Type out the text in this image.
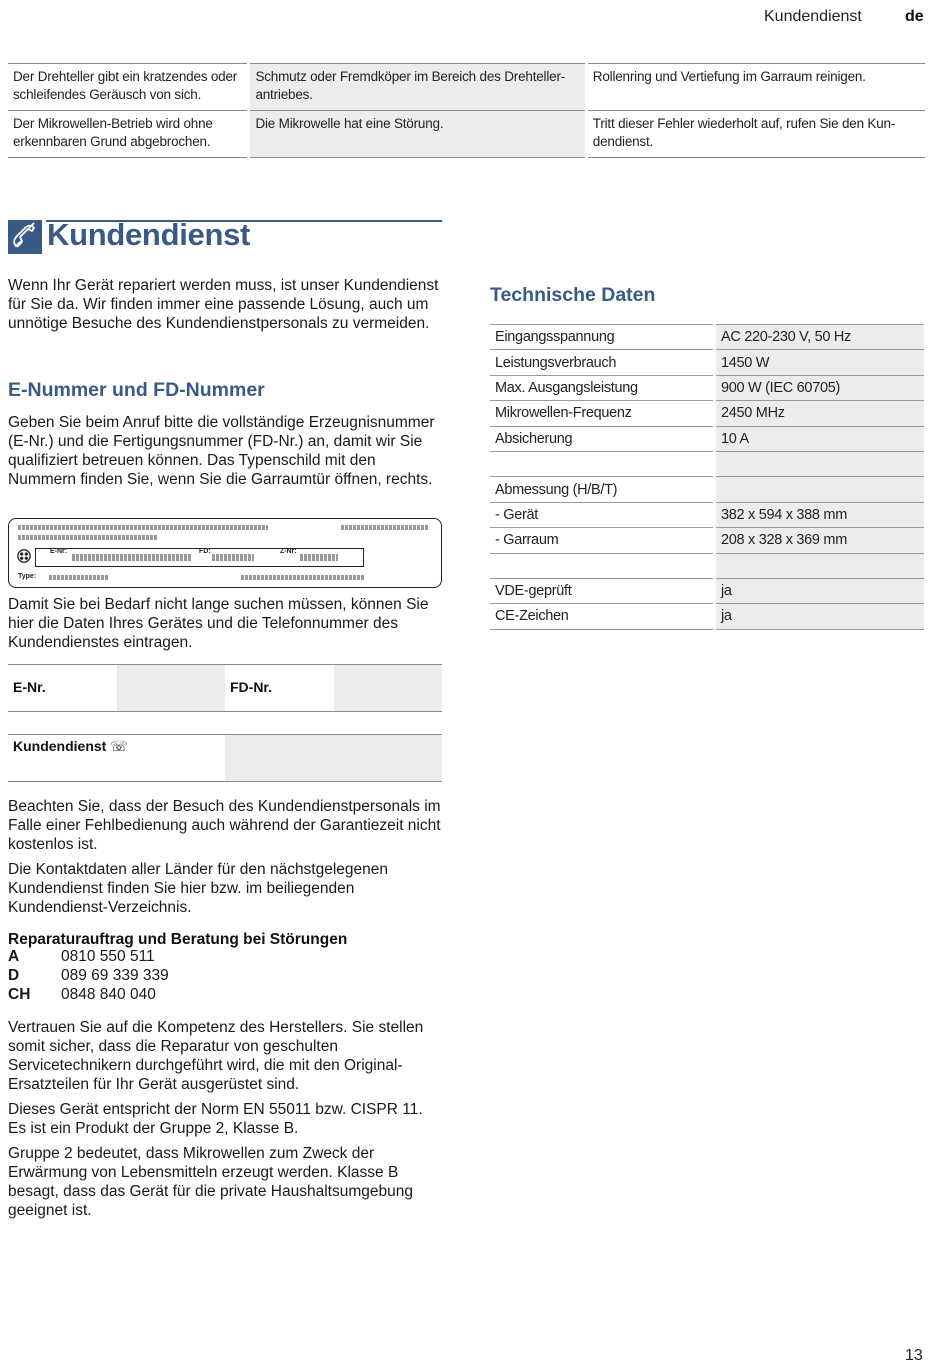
Kundendienst	de
Der Drehteller gibt ein kratzendes oder schleifendes Geräusch von sich.	Schmutz oder Fremdköper im Bereich des Drehteller-antriebes.	Rollenring und Vertiefung im Garraum reinigen.
Der Mikrowellen-Betrieb wird ohne erkennbaren Grund abgebrochen.	Die Mikrowelle hat eine Störung.	Tritt dieser Fehler wiederholt auf, rufen Sie den Kun-dendienst.
Kundendienst

Wenn Ihr Gerät repariert werden muss, ist unser Kundendienst für Sie da. Wir finden immer eine passende Lösung, auch um unnötige Besuche des Kundendienstpersonals zu vermeiden.

E-Nummer und FD-Nummer

Geben Sie beim Anruf bitte die vollständige Erzeugnisnummer (E-Nr.) und die Fertigungsnummer (FD-Nr.) an, damit wir Sie qualifiziert betreuen können. Das Typenschild mit den Nummern finden Sie, wenn Sie die Garraumtür öffnen, rechts.

E-Nr:	FD:	Z-Nr:
Type:

Damit Sie bei Bedarf nicht lange suchen müssen, können Sie hier die Daten Ihres Gerätes und die Telefonnummer des Kundendienstes eintragen.

E-Nr.	FD-Nr.
Kundendienst ☏

Beachten Sie, dass der Besuch des Kundendienstpersonals im Falle einer Fehlbedienung auch während der Garantiezeit nicht kostenlos ist.

Die Kontaktdaten aller Länder für den nächstgelegenen Kundendienst finden Sie hier bzw. im beiliegenden Kundendienst-Verzeichnis.

Reparaturauftrag und Beratung bei Störungen
A	0810 550 511
D	089 69 339 339
CH 0848 840 040

Vertrauen Sie auf die Kompetenz des Herstellers. Sie stellen somit sicher, dass die Reparatur von geschulten Servicetechnikern durchgeführt wird, die mit den Original-Ersatzteilen für Ihr Gerät ausgerüstet sind.

Dieses Gerät entspricht der Norm EN 55011 bzw. CISPR 11. Es ist ein Produkt der Gruppe 2, Klasse B.

Gruppe 2 bedeutet, dass Mikrowellen zum Zweck der Erwärmung von Lebensmitteln erzeugt werden. Klasse B besagt, dass das Gerät für die private Haushaltsumgebung geeignet ist.

Technische Daten
Eingangsspannung	AC 220-230 V, 50 Hz
Leistungsverbrauch	1450 W
Max. Ausgangsleistung	900 W (IEC 60705)
Mikrowellen-Frequenz	2450 MHz
Absicherung	10 A

Abmessung (H/B/T)	
- Gerät	382 x 594 x 388 mm
- Garraum	208 x 328 x 369 mm

VDE-geprüft	ja
CE-Zeichen	ja
13
